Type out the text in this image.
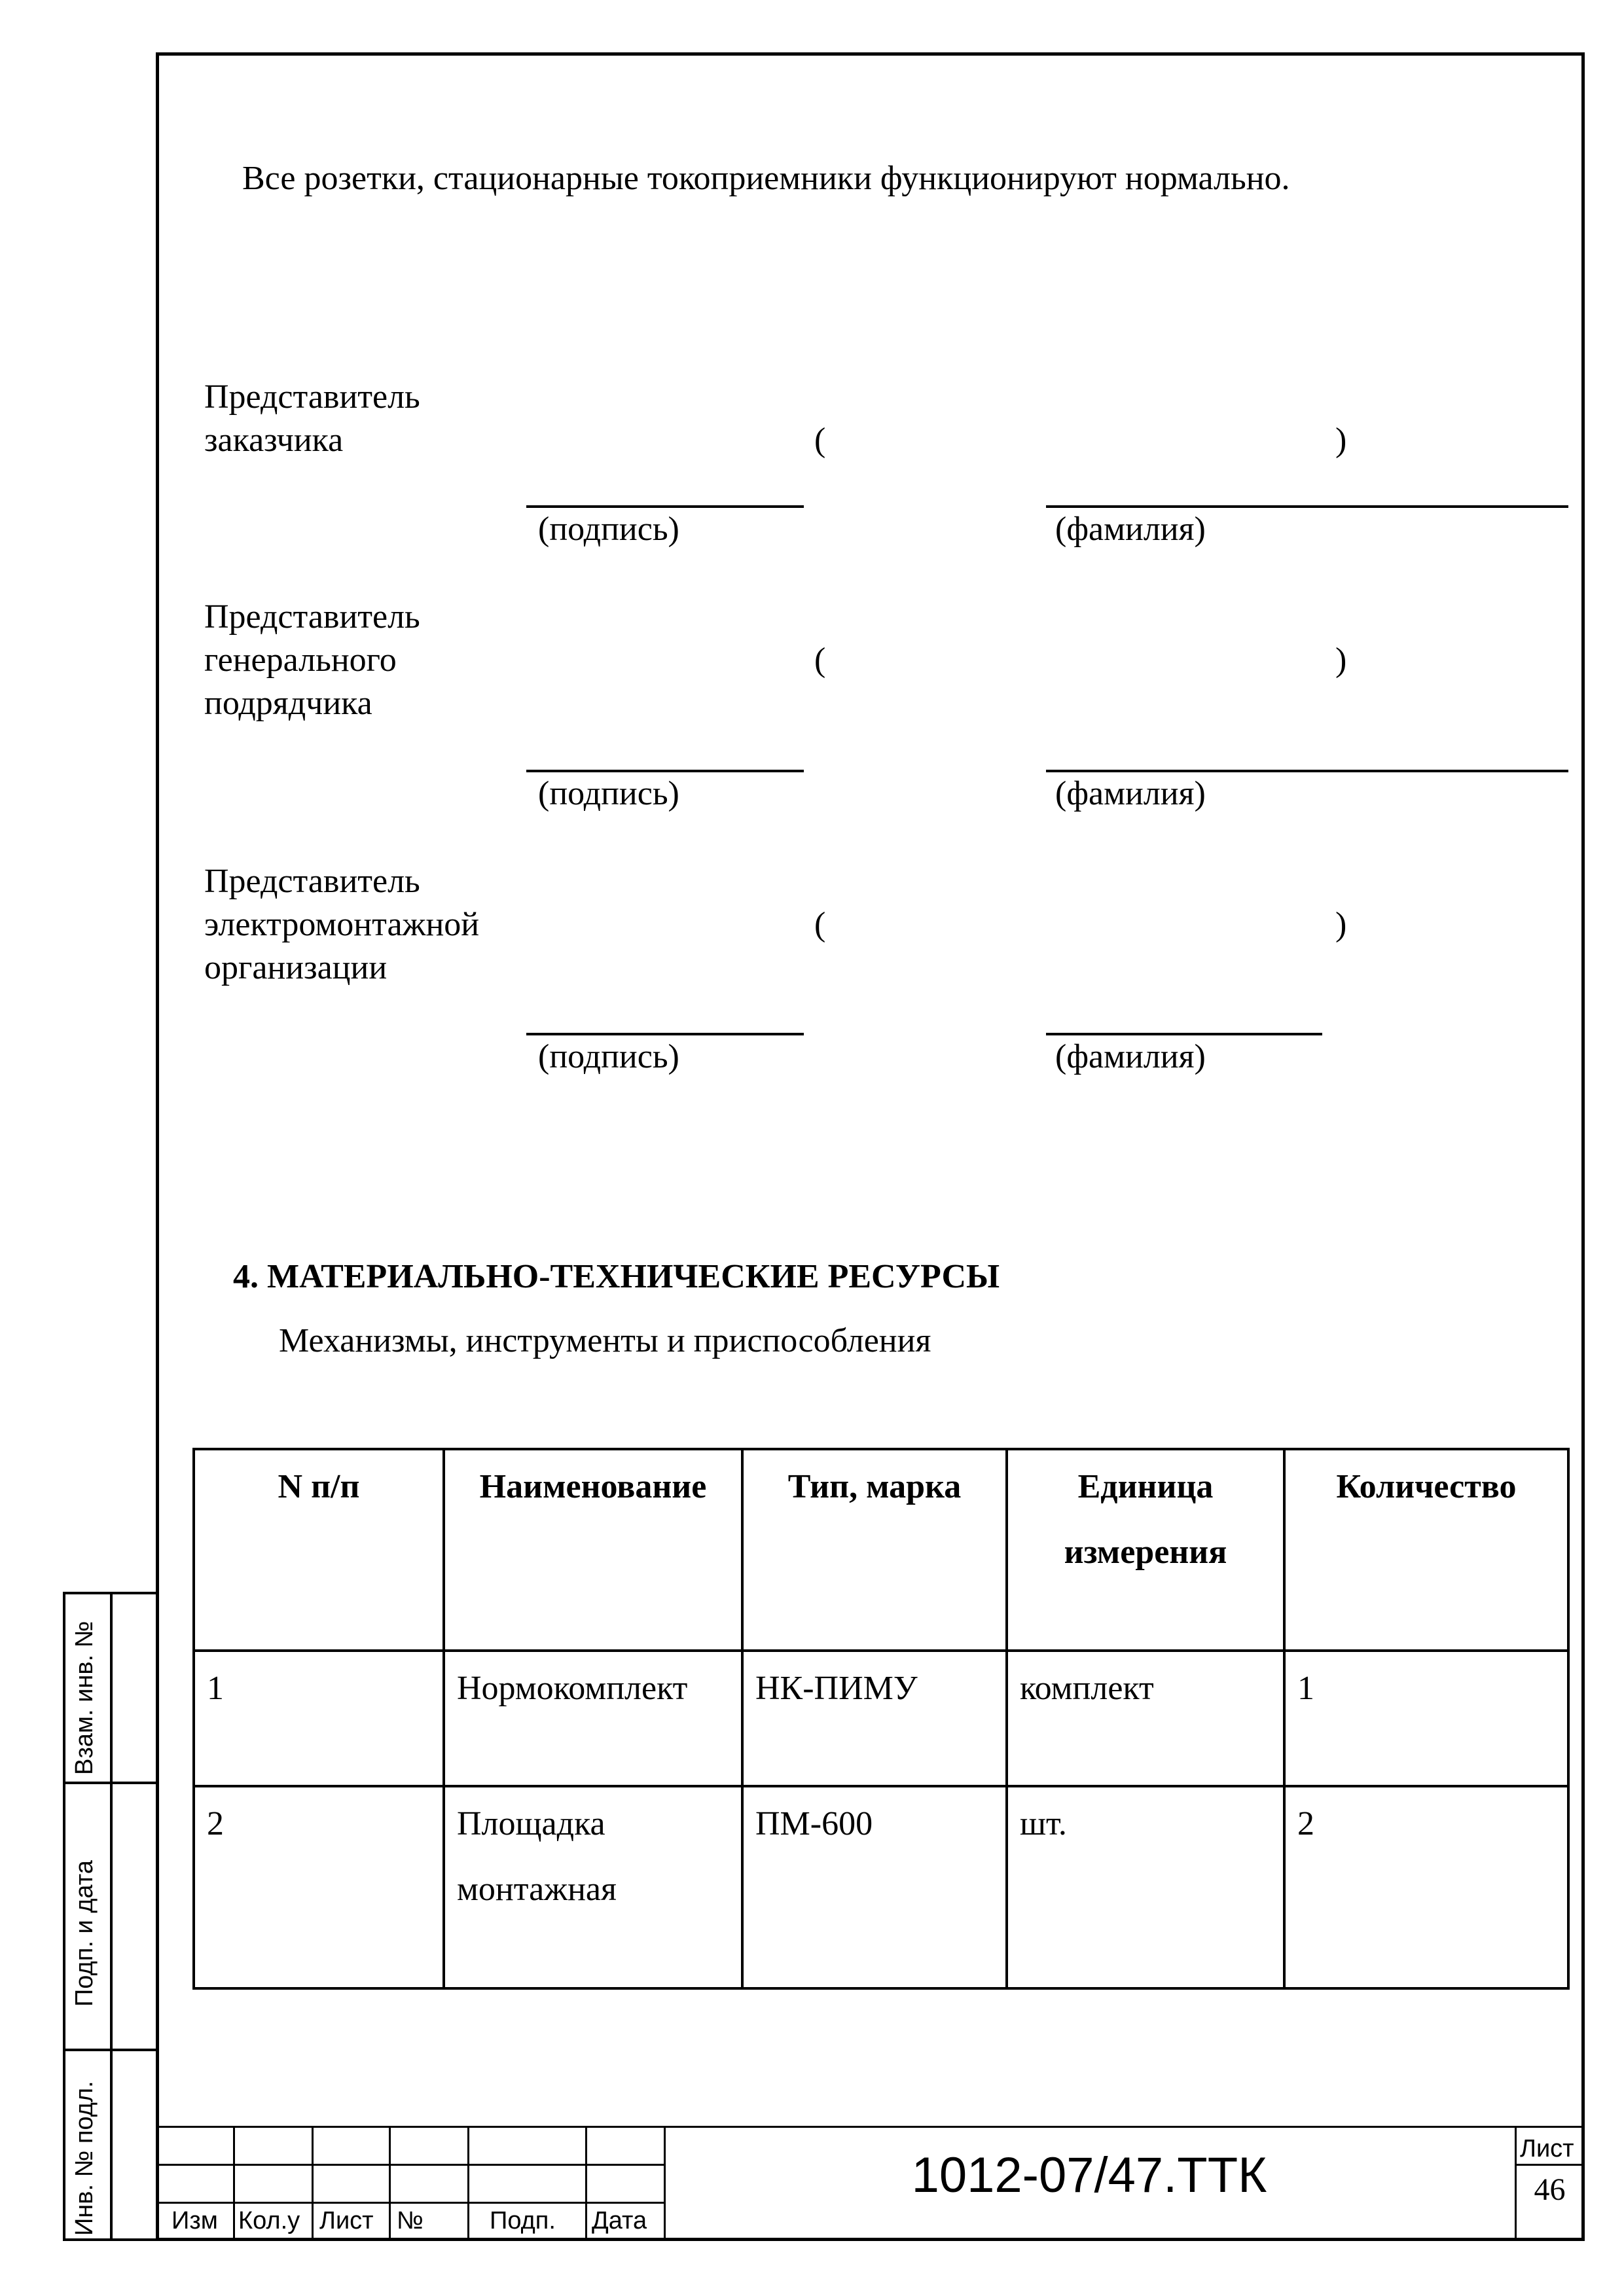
Все розетки, стационарные токоприемники функционируют нормально.
Представитель
заказчика	(	)
(подпись)	(фамилия)
Представитель
генерального
подрядчика
(	)
(подпись)	(фамилия)
Представитель
электромонтажной
организации
(	)
(подпись)	(фамилия)
4. МАТЕРИАЛЬНО-ТЕХНИЧЕСКИЕ РЕСУРСЫ
Механизмы, инструменты и приспособления
N п/п	Наименование	Тип, марка	Единица измерения	Количество
1	Нормокомплект	НК-ПИМУ	комплект	1
2	Площадка монтажная	ПМ-600	шт.	2
Взам. инв. №
Подп. и дата
Инв. № подл.	Изм Кол.у Лист №	Подп. Дата
1012-07/47.ТТК	Лист
46
